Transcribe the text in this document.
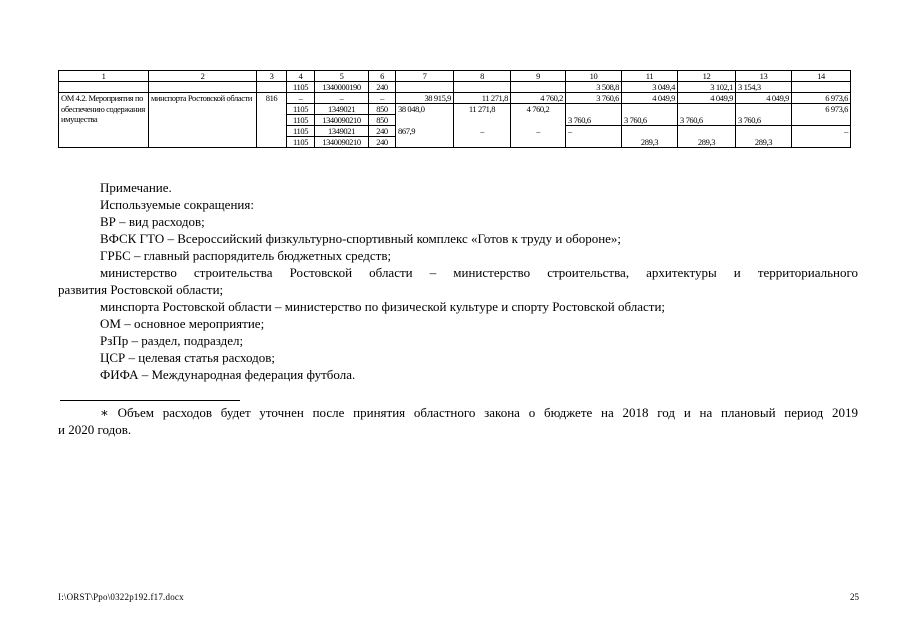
1	2	3	4	5	6	7	8	9	10	11	12	13	14
			1105	1340000190	240				3 508,8	3 049,4	3 102,1	3 154,3	
ОМ 4.2. Мероприятия по обеспечению содержания имущества	минспорта Ростовской области	816	–	–	–	38 915,9	11 271,8	4 760,2	3 760,6	4 049,9	4 049,9	4 049,9	6 973,6
			1105	1349021	850	38 048,0	11 271,8	4 760,2					6 973,6
			1105	1340090210	850				3 760,6	3 760,6	3 760,6	3 760,6	
			1105	1349021	240	867,9	–	–	–				–
			1105	1340090210	240					289,3	289,3	289,3	

Примечание.

Используемые сокращения:

ВР – вид расходов;

ВФСК ГТО – Всероссийский физкультурно-спортивный комплекс «Готов к труду и обороне»;

ГРБС – главный распорядитель бюджетных средств;

министерство строительства Ростовской области – министерство строительства, архитектуры и территориального

развития Ростовской области;

минспорта Ростовской области – министерство по физической культуре и спорту Ростовской области;

ОМ – основное мероприятие;

РзПр – раздел, подраздел;

ЦСР – целевая статья расходов;

ФИФА – Международная федерация футбола.

∗ Объем расходов будет уточнен после принятия областного закона о бюджете на 2018 год и на плановый период 2019

и 2020 годов.

I:\ORST\Ppo\0322p192.f17.docx	25
